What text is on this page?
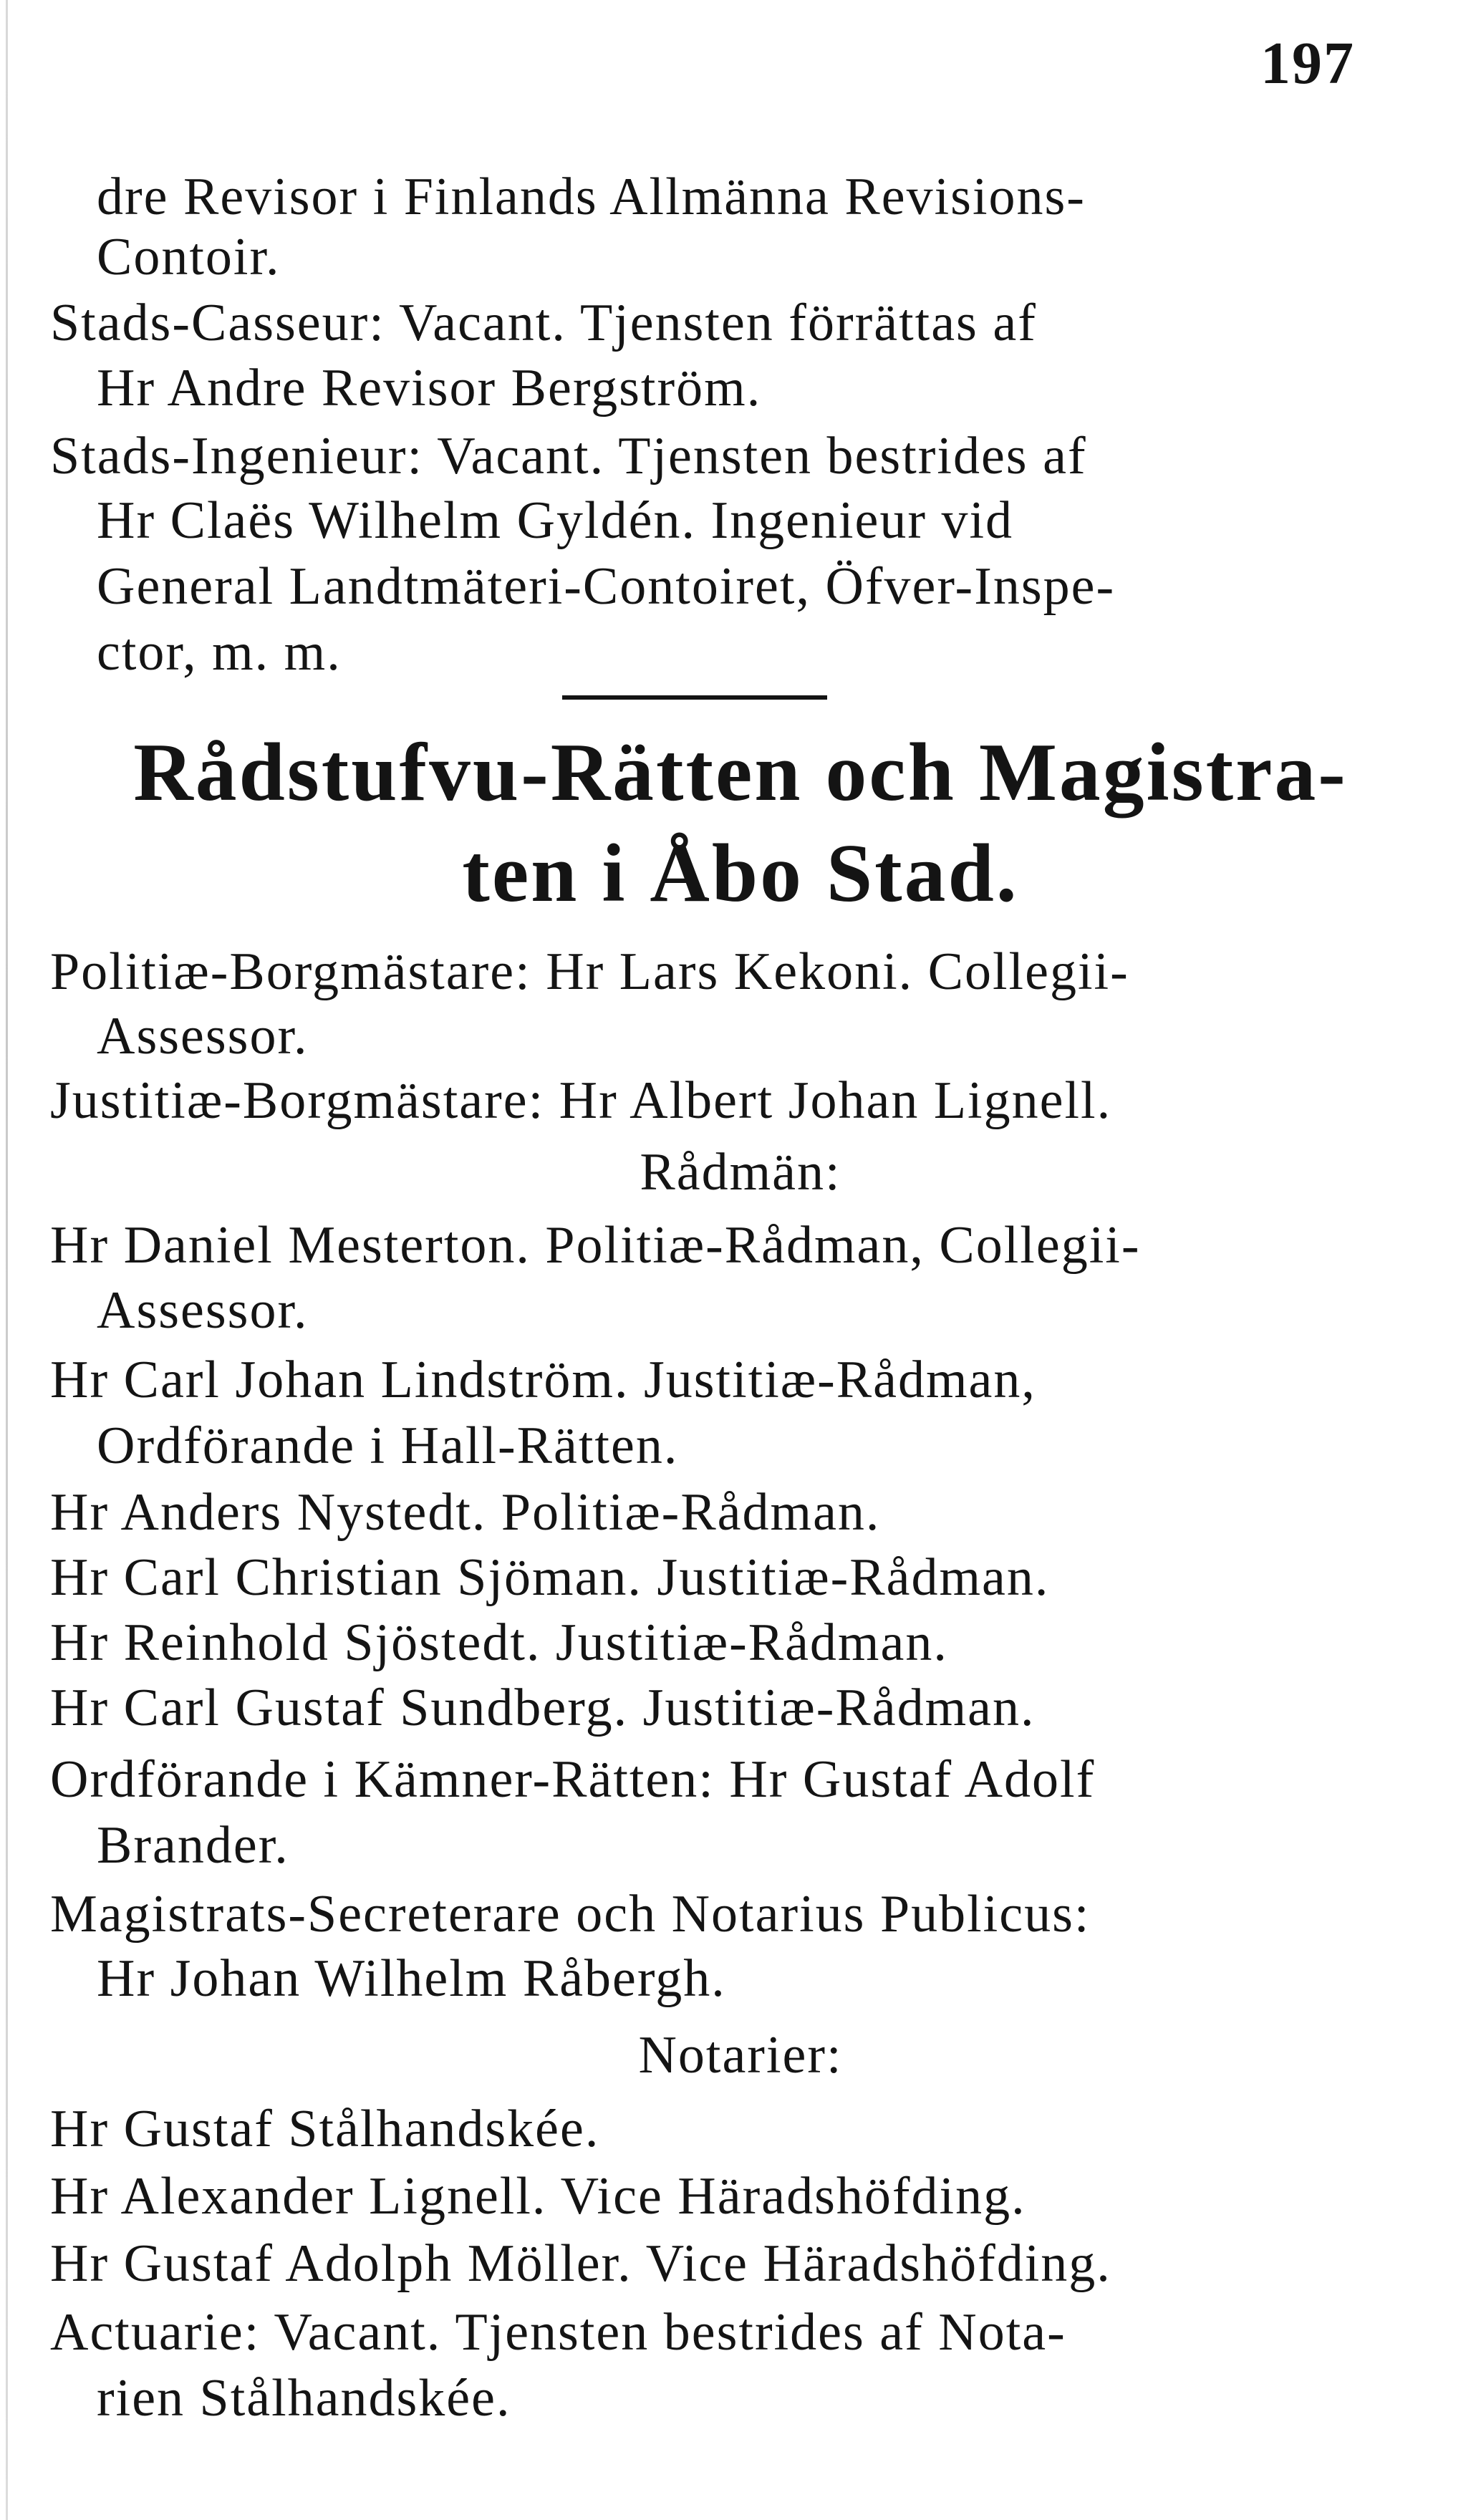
197
dre Revisor i Finlands Allmänna Revisions-
Contoir.
Stads-Cassеur: Vacant. Tjensten förrättas af
Hr Andre Revisor Bergström.
Stads-Ingenieur: Vacant. Tjensten bestrides af
Hr Claës Wilhelm Gyldén. Ingenieur vid
General Landtmäteri-Contoiret, Öfver-Inspe-
ctor, m. m.
Rådstufvu-Rätten och Magistra-
ten i Åbo Stad.
Politiæ-Borgmästare: Hr Lars Kekoni. Collegii-
Assessor.
Justitiæ-Borgmästare: Hr Albert Johan Lignell.
Rådmän:
Hr Daniel Mesterton. Politiæ-Rådman, Collegii-
Assessor.
Hr Carl Johan Lindström. Justitiæ-Rådman,
Ordförande i Hall-Rätten.
Hr Anders Nystedt. Politiæ-Rådman.
Hr Carl Christian Sjöman. Justitiæ-Rådman.
Hr Reinhold Sjöstedt. Justitiæ-Rådman.
Hr Carl Gustaf Sundberg. Justitiæ-Rådman.
Ordförande i Kämner-Rätten: Hr Gustaf Adolf
Brander.
Magistrats-Secreterare och Notarius Publicus:
Hr Johan Wilhelm Råbergh.
Notarier:
Hr Gustaf Stålhandskée.
Hr Alexander Lignell. Vice Häradshöfding.
Hr Gustaf Adolph Möller. Vice Häradshöfding.
Actuarie: Vacant. Tjensten bestrides af Nota-
rien Stålhandskée.
